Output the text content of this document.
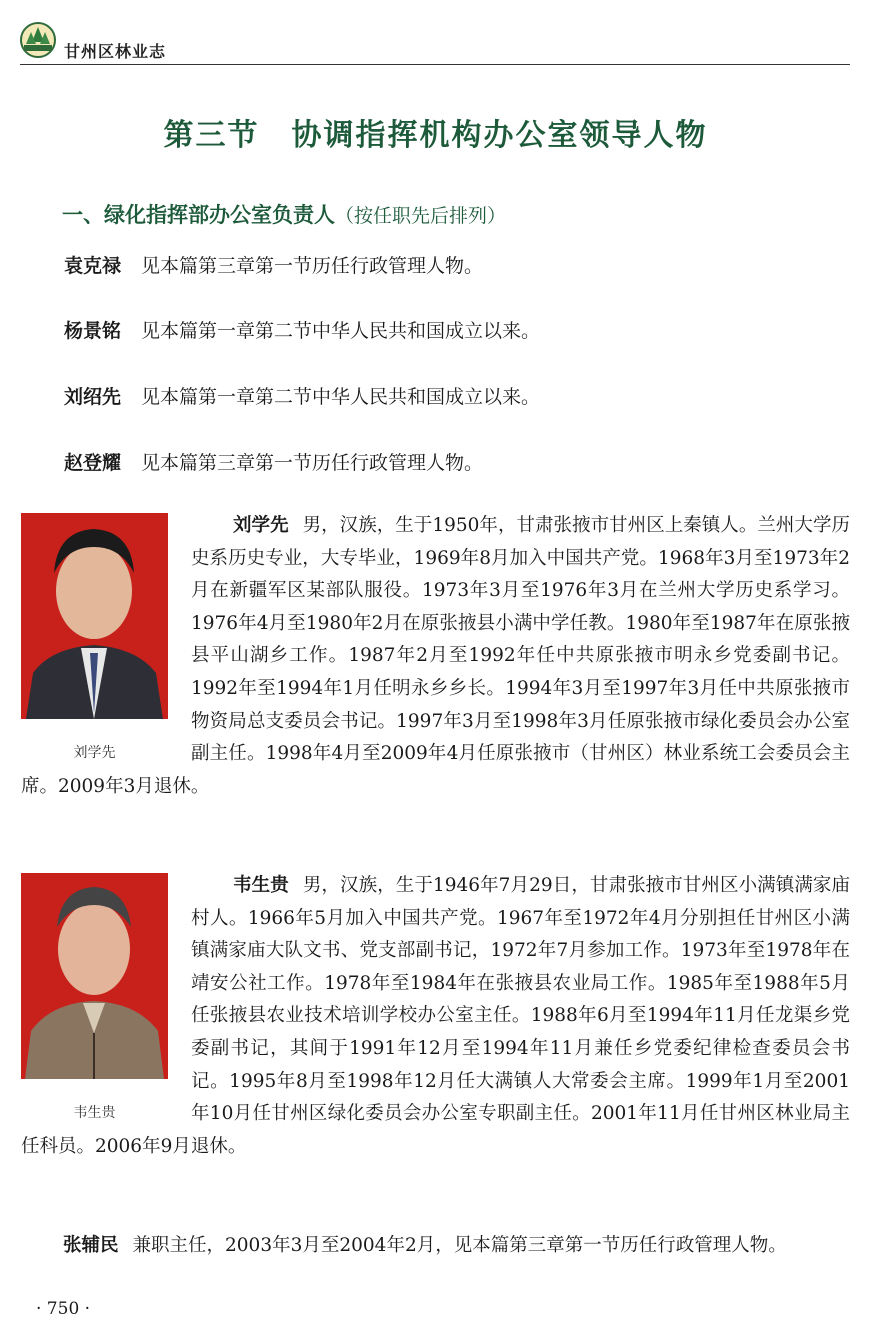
甘州区林业志
第三节　协调指挥机构办公室领导人物
一、绿化指挥部办公室负责人（按任职先后排列）
袁克禄 见本篇第三章第一节历任行政管理人物。
杨景铭 见本篇第一章第二节中华人民共和国成立以来。
刘绍先 见本篇第一章第二节中华人民共和国成立以来。
赵登耀 见本篇第三章第一节历任行政管理人物。
刘学先
刘学先 男，汉族，生于1950年，甘肃张掖市甘州区上秦镇人。兰州大学历史系历史专业，大专毕业，1969年8月加入中国共产党。1968年3月至1973年2月在新疆军区某部队服役。1973年3月至1976年3月在兰州大学历史系学习。1976年4月至1980年2月在原张掖县小满中学任教。1980年至1987年在原张掖县平山湖乡工作。1987年2月至1992年任中共原张掖市明永乡党委副书记。1992年至1994年1月任明永乡乡长。1994年3月至1997年3月任中共原张掖市物资局总支委员会书记。1997年3月至1998年3月任原张掖市绿化委员会办公室副主任。1998年4月至2009年4月任原张掖市（甘州区）林业系统工会委员会主席。2009年3月退休。
韦生贵
韦生贵 男，汉族，生于1946年7月29日，甘肃张掖市甘州区小满镇满家庙村人。1966年5月加入中国共产党。1967年至1972年4月分别担任甘州区小满镇满家庙大队文书、党支部副书记，1972年7月参加工作。1973年至1978年在靖安公社工作。1978年至1984年在张掖县农业局工作。1985年至1988年5月任张掖县农业技术培训学校办公室主任。1988年6月至1994年11月任龙渠乡党委副书记，其间于1991年12月至1994年11月兼任乡党委纪律检查委员会书记。1995年8月至1998年12月任大满镇人大常委会主席。1999年1月至2001年10月任甘州区绿化委员会办公室专职副主任。2001年11月任甘州区林业局主任科员。2006年9月退休。
张辅民 兼职主任，2003年3月至2004年2月，见本篇第三章第一节历任行政管理人物。
· 750 ·
